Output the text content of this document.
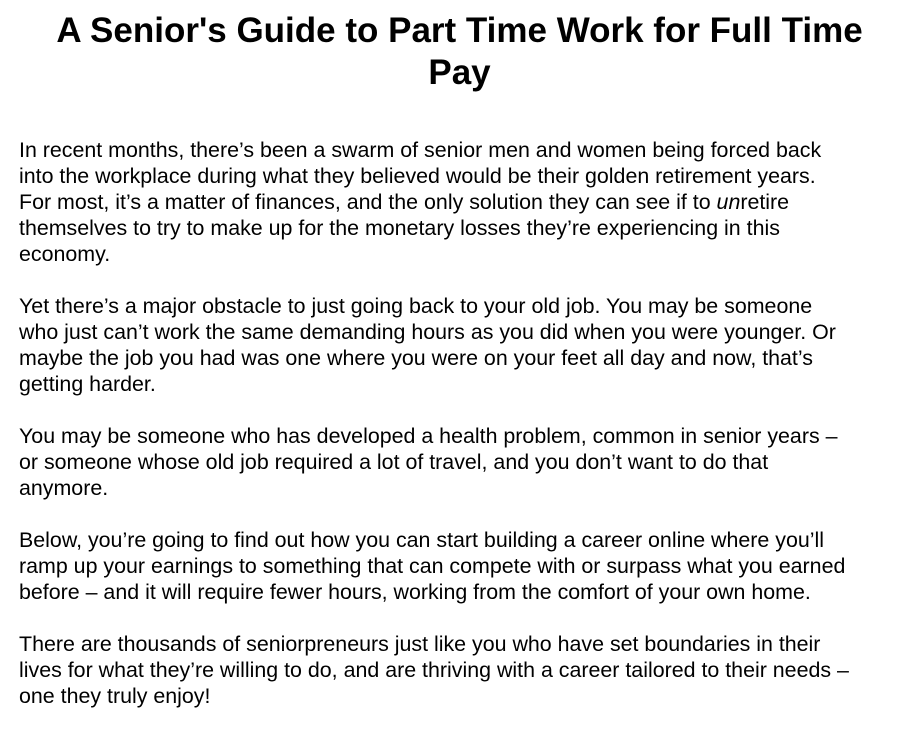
A Senior's Guide to Part Time Work for Full Time
Pay

In recent months, there’s been a swarm of senior men and women being forced back
into the workplace during what they believed would be their golden retirement years.
For most, it’s a matter of finances, and the only solution they can see if to unretire
themselves to try to make up for the monetary losses they’re experiencing in this
economy.

Yet there’s a major obstacle to just going back to your old job. You may be someone
who just can’t work the same demanding hours as you did when you were younger. Or
maybe the job you had was one where you were on your feet all day and now, that’s
getting harder.

You may be someone who has developed a health problem, common in senior years –
or someone whose old job required a lot of travel, and you don’t want to do that
anymore.

Below, you’re going to find out how you can start building a career online where you’ll
ramp up your earnings to something that can compete with or surpass what you earned
before – and it will require fewer hours, working from the comfort of your own home.

There are thousands of seniorpreneurs just like you who have set boundaries in their
lives for what they’re willing to do, and are thriving with a career tailored to their needs –
one they truly enjoy!
